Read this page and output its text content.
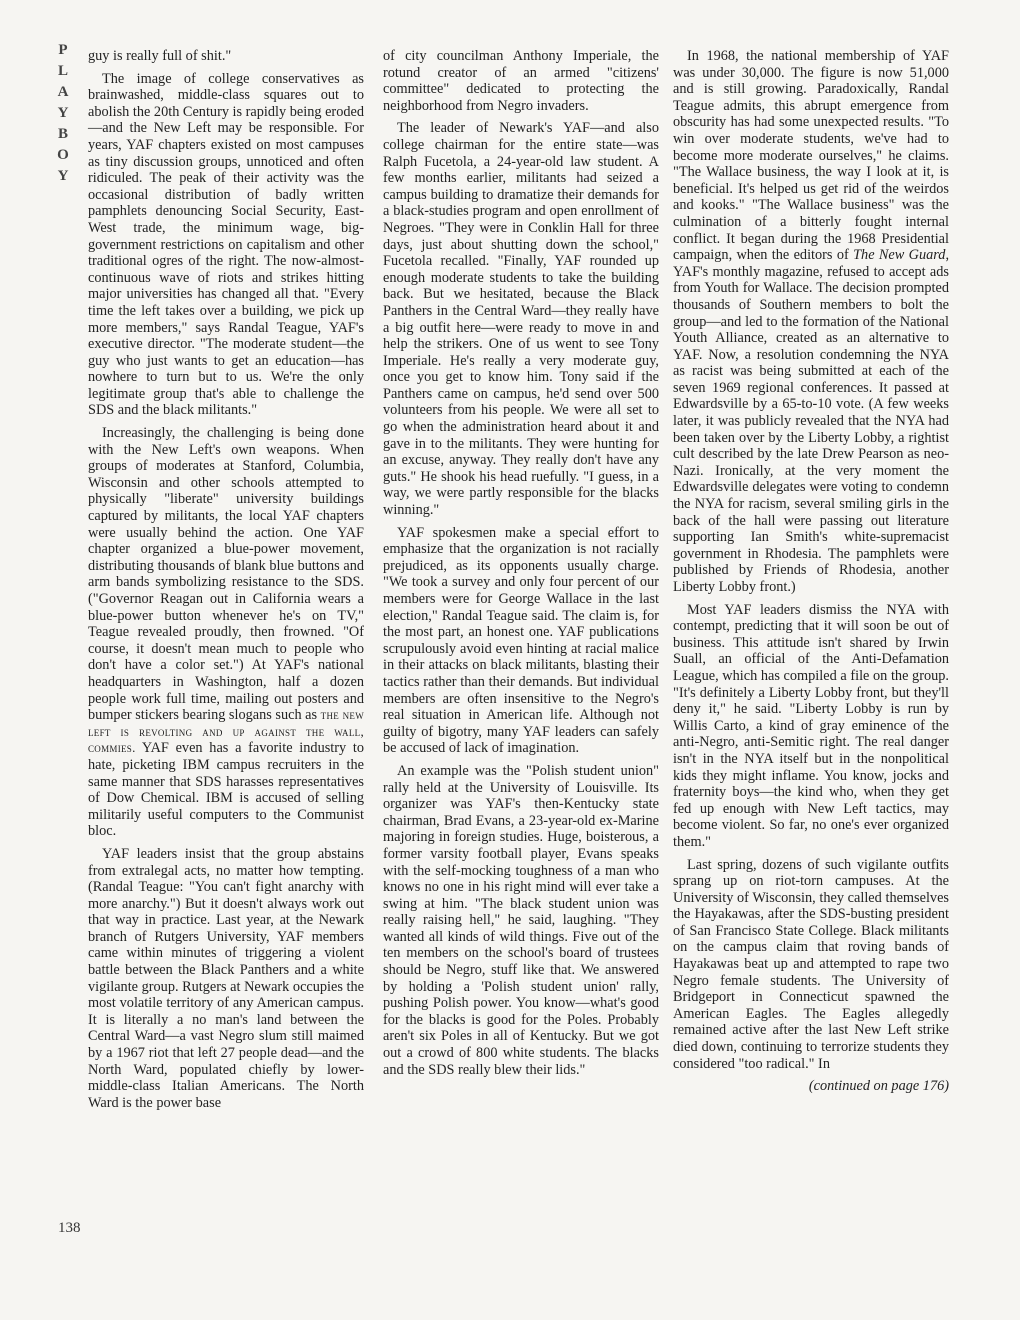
P
L
A
Y
B
O
Y
138

guy is really full of shit."

The image of college conservatives as brainwashed, middle-class squares out to abolish the 20th Century is rapidly being eroded—and the New Left may be responsible. For years, YAF chapters existed on most campuses as tiny discussion groups, unnoticed and often ridiculed. The peak of their activity was the occasional distribution of badly written pamphlets denouncing Social Security, East-West trade, the minimum wage, big-government restrictions on capitalism and other traditional ogres of the right. The now-almost-continuous wave of riots and strikes hitting major universities has changed all that. "Every time the left takes over a building, we pick up more members," says Randal Teague, YAF's executive director. "The moderate student—the guy who just wants to get an education—has nowhere to turn but to us. We're the only legitimate group that's able to challenge the SDS and the black militants."

Increasingly, the challenging is being done with the New Left's own weapons. When groups of moderates at Stanford, Columbia, Wisconsin and other schools attempted to physically "liberate" university buildings captured by militants, the local YAF chapters were usually behind the action. One YAF chapter organized a blue-power movement, distributing thousands of blank blue buttons and arm bands symbolizing resistance to the SDS. ("Governor Reagan out in California wears a blue-power button whenever he's on TV," Teague revealed proudly, then frowned. "Of course, it doesn't mean much to people who don't have a color set.") At YAF's national headquarters in Washington, half a dozen people work full time, mailing out posters and bumper stickers bearing slogans such as the new left is revolting and up against the wall, commies. YAF even has a favorite industry to hate, picketing IBM campus recruiters in the same manner that SDS harasses representatives of Dow Chemical. IBM is accused of selling militarily useful computers to the Communist bloc.

YAF leaders insist that the group abstains from extralegal acts, no matter how tempting. (Randal Teague: "You can't fight anarchy with more anarchy.") But it doesn't always work out that way in practice. Last year, at the Newark branch of Rutgers University, YAF members came within minutes of triggering a violent battle between the Black Panthers and a white vigilante group. Rutgers at Newark occupies the most volatile territory of any American campus. It is literally a no man's land between the Central Ward—a vast Negro slum still maimed by a 1967 riot that left 27 people dead—and the North Ward, populated chiefly by lower-middle-class Italian Americans. The North Ward is the power base

of city councilman Anthony Imperiale, the rotund creator of an armed "citizens' committee" dedicated to protecting the neighborhood from Negro invaders.

The leader of Newark's YAF—and also college chairman for the entire state—was Ralph Fucetola, a 24-year-old law student. A few months earlier, militants had seized a campus building to dramatize their demands for a black-studies program and open enrollment of Negroes. "They were in Conklin Hall for three days, just about shutting down the school," Fucetola recalled. "Finally, YAF rounded up enough moderate students to take the building back. But we hesitated, because the Black Panthers in the Central Ward—they really have a big outfit here—were ready to move in and help the strikers. One of us went to see Tony Imperiale. He's really a very moderate guy, once you get to know him. Tony said if the Panthers came on campus, he'd send over 500 volunteers from his people. We were all set to go when the administration heard about it and gave in to the militants. They were hunting for an excuse, anyway. They really don't have any guts." He shook his head ruefully. "I guess, in a way, we were partly responsible for the blacks winning."

YAF spokesmen make a special effort to emphasize that the organization is not racially prejudiced, as its opponents usually charge. "We took a survey and only four percent of our members were for George Wallace in the last election," Randal Teague said. The claim is, for the most part, an honest one. YAF publications scrupulously avoid even hinting at racial malice in their attacks on black militants, blasting their tactics rather than their demands. But individual members are often insensitive to the Negro's real situation in American life. Although not guilty of bigotry, many YAF leaders can safely be accused of lack of imagination.

An example was the "Polish student union" rally held at the University of Louisville. Its organizer was YAF's then-Kentucky state chairman, Brad Evans, a 23-year-old ex-Marine majoring in foreign studies. Huge, boisterous, a former varsity football player, Evans speaks with the self-mocking toughness of a man who knows no one in his right mind will ever take a swing at him. "The black student union was really raising hell," he said, laughing. "They wanted all kinds of wild things. Five out of the ten members on the school's board of trustees should be Negro, stuff like that. We answered by holding a 'Polish student union' rally, pushing Polish power. You know—what's good for the blacks is good for the Poles. Probably aren't six Poles in all of Kentucky. But we got out a crowd of 800 white students. The blacks and the SDS really blew their lids."

In 1968, the national membership of YAF was under 30,000. The figure is now 51,000 and is still growing. Paradoxically, Randal Teague admits, this abrupt emergence from obscurity has had some unexpected results. "To win over moderate students, we've had to become more moderate ourselves," he claims. "The Wallace business, the way I look at it, is beneficial. It's helped us get rid of the weirdos and kooks." "The Wallace business" was the culmination of a bitterly fought internal conflict. It began during the 1968 Presidential campaign, when the editors of The New Guard, YAF's monthly magazine, refused to accept ads from Youth for Wallace. The decision prompted thousands of Southern members to bolt the group—and led to the formation of the National Youth Alliance, created as an alternative to YAF. Now, a resolution condemning the NYA as racist was being submitted at each of the seven 1969 regional conferences. It passed at Edwardsville by a 65-to-10 vote. (A few weeks later, it was publicly revealed that the NYA had been taken over by the Liberty Lobby, a rightist cult described by the late Drew Pearson as neo-Nazi. Ironically, at the very moment the Edwardsville delegates were voting to condemn the NYA for racism, several smiling girls in the back of the hall were passing out literature supporting Ian Smith's white-supremacist government in Rhodesia. The pamphlets were published by Friends of Rhodesia, another Liberty Lobby front.)

Most YAF leaders dismiss the NYA with contempt, predicting that it will soon be out of business. This attitude isn't shared by Irwin Suall, an official of the Anti-Defamation League, which has compiled a file on the group. "It's definitely a Liberty Lobby front, but they'll deny it," he said. "Liberty Lobby is run by Willis Carto, a kind of gray eminence of the anti-Negro, anti-Semitic right. The real danger isn't in the NYA itself but in the nonpolitical kids they might inflame. You know, jocks and fraternity boys—the kind who, when they get fed up enough with New Left tactics, may become violent. So far, no one's ever organized them."

Last spring, dozens of such vigilante outfits sprang up on riot-torn campuses. At the University of Wisconsin, they called themselves the Hayakawas, after the SDS-busting president of San Francisco State College. Black militants on the campus claim that roving bands of Hayakawas beat up and attempted to rape two Negro female students. The University of Bridgeport in Connecticut spawned the American Eagles. The Eagles allegedly remained active after the last New Left strike died down, continuing to terrorize students they considered "too radical." In

(continued on page 176)
